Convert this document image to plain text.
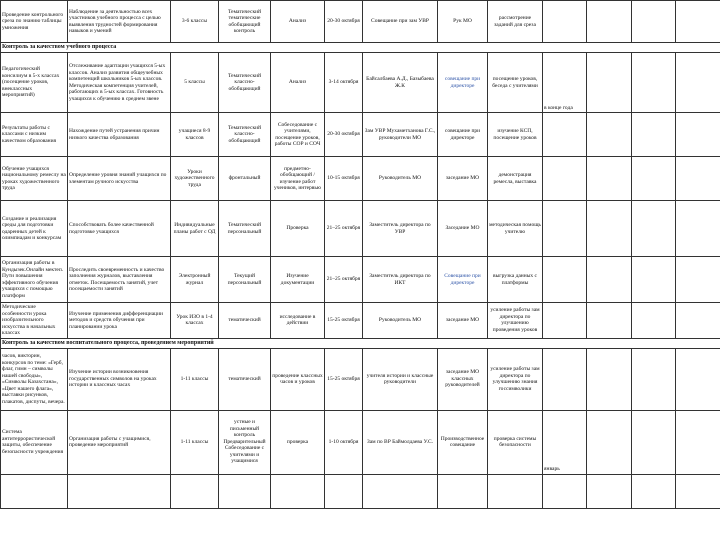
Проведение контрольного среза по знанию таблицы умножения	Наблюдение за деятельностью всех участников учебного процесса с целью выявления трудностей формирования навыков и умений	3-6 классы	Тематический тематические обобщающий контроль	Анализ	20-30 октября	Совещание при зам УВР	Рук МО	рассмотрение заданий для среза				
Контроль за качеством учебного процесса												
Педагогический консилиум в 5-х классах (посещение уроков, внеклассных мероприятий)	Отслеживание адаптации учащихся 5-ых классов. Анализ развития общеучебных компетенций школьников 5-ых классов. Методическая компетенция учителей, работающих в 5-ых классах. Готовность учащихся к обучению в среднем звене	5 классы	Тематический классно-обобщающий	Анализ	3-14 октября	Байсалбаева А.Д., Базыбаева Ж.К	совещание при директоре	посещение уроков, беседа с учителями	в конце года			
Результаты работы с классами с низким качеством образования	Нахождение путей устранения причин низкого качества образования	учащиеся 8-9 классов	Тематический классно-обобщающий	Собеседование с учителями, посещение уроков, работы СОР и СОЧ	20-30 октября	Зам УВР Мухаметханова Г.С., руководители МО	совещание при директоре	изучение КСП, посещение уроков				
Обучение учащихся национальному ремеслу на уроках художественного труда	Определение уровня знаний учащихся по элементам ручного искусства	Уроки художественного труда	фронтальный	предметно-обобщающий / изучение работ учеников, интервью	10-15 октября	Руководитель МО	заседание МО	демонстрация ремесла, выставка				
Создание и реализация среды для подготовки одаренных детей к олимпиадам и конкурсам	Способствовать более качественной подготовке учащихся	Индивидуальные планы работ с ОД	Тематический персональный	Проверка	21–25 октября	Заместитель директора по УВР	Заседание МО	методическая помощь учителю				
Организация работы в Кундызек.Онлайн мектеп. Пути повышения эффективного обучения учащихся с помощью платформ	Проследить своевременность и качество заполнения журналов, выставления отметок. Посещаемость занятий, учет посещаемости занятий	Электронный журнал	Текущий персональный	Изучение документации	21–25 октября	Заместитель директора по ИКТ	Совещание при директоре	выгрузка данных с платформы				
Методические особенности урока изобразительного искусства в начальных классах	Изучение применения дифференциации методов и средств обучения при планировании урока	Урок ИЗО в 1-4 классах	тематический	исследование в действии	15-25 октября	Руководитель МО	заседание МО	усиление работы зам директора по улучшению проведения уроков				
Контроль за качеством воспитательного процесса, проведением мероприятий												
часов, викторин, конкурсов по теме: «Герб, флаг, гимн – символы нашей свободы», «Символы Казахстана», «Цвет нашего флага», выставки рисунков, плакатов, диспуты, вечера.	Изучение истории возникновения государственных символов на уроках истории и классных часах	1-11 классы	тематический	проведение классных часов и уроков	15-25 октября	учителя истории и классные руководители	заседание МО классных руководителей	усиление работы зам директора по улучшению знания госсимволики				
Система антитеррористической защиты, обеспечение безопасности учреждения	Организация работы с учащимися, проведение мероприятий	1-11 классы	устные и письменный контроль Предварительный Собеседование с учителями и учащимися	проверка	1-10 октября	Зам по ВР Баймолдаева У.С.	Производственное совещание	проверка системы безопасности	январь			
